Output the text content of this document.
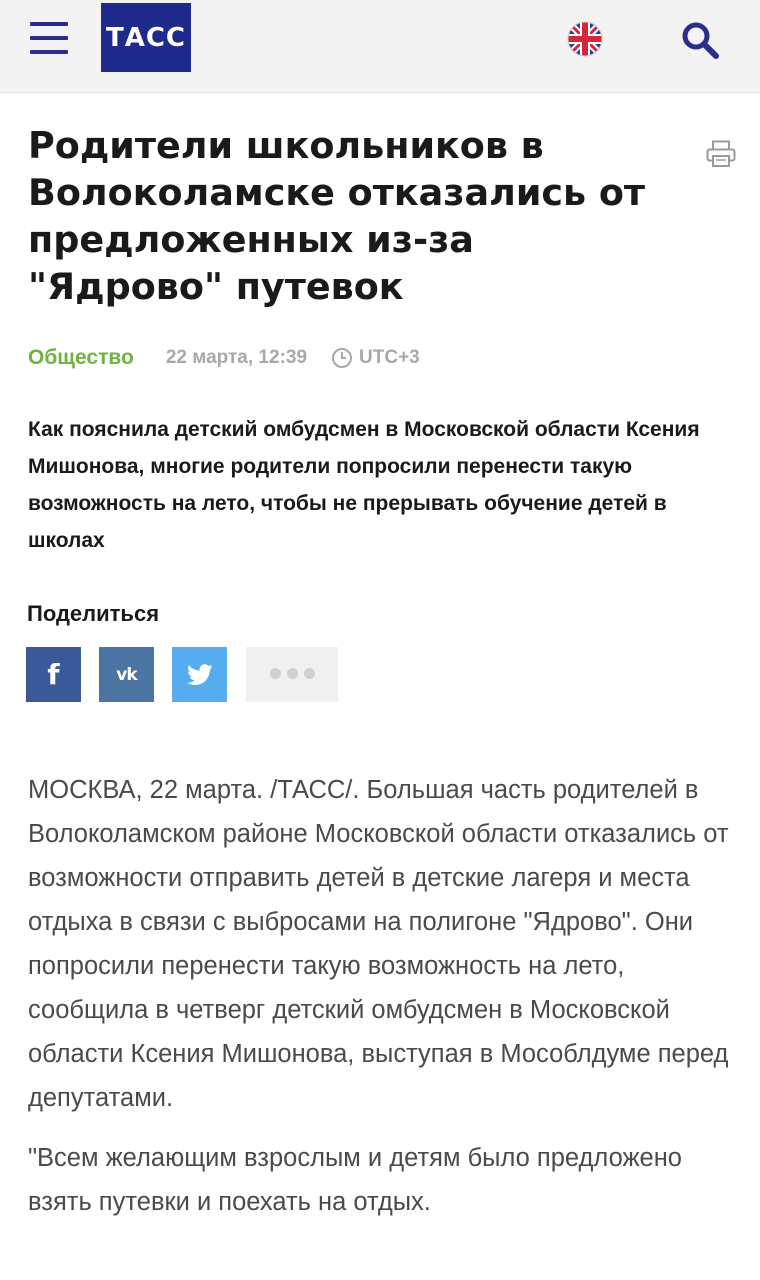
ТАСС
Родители школьников в Волоколамске отказались от предложенных из-за "Ядрово" путевок
Общество 22 марта, 12:39	UTC+3

Как пояснила детский омбудсмен в Московской области Ксения Мишонова, многие родители попросили перенести такую возможность на лето, чтобы не прерывать обучение детей в школах

Поделиться
f	vk

МОСКВА, 22 марта. /ТАСС/. Большая часть родителей в Волоколамском районе Московской области отказались от возможности отправить детей в детские лагеря и места отдыха в связи с выбросами на полигоне "Ядрово". Они попросили перенести такую возможность на лето, сообщила в четверг детский омбудсмен в Московской области Ксения Мишонова, выступая в Мособлдуме перед депутатами.

"Всем желающим взрослым и детям было предложено взять путевки и поехать на отдых.
